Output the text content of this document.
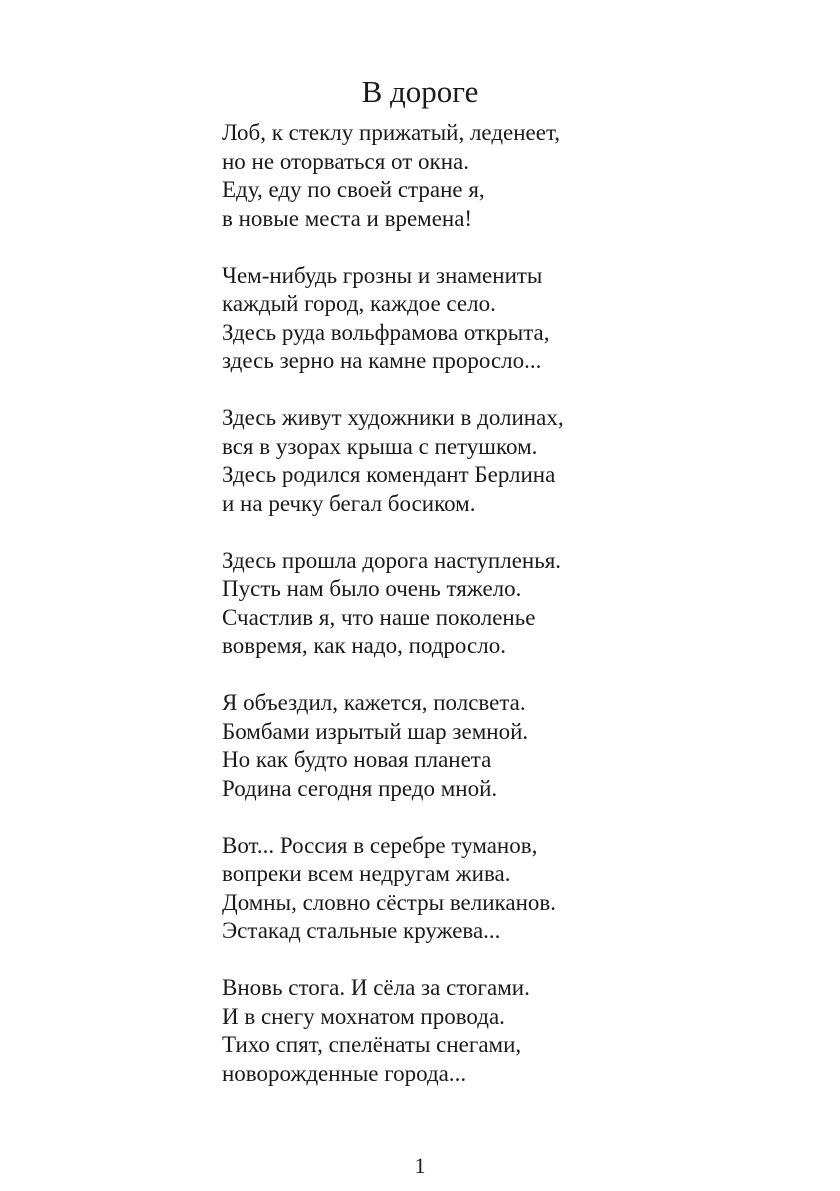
В дороге
Лоб, к стеклу прижатый, леденеет,
но не оторваться от окна.
Еду, еду по своей стране я,
в новые места и времена!
Чем-нибудь грозны и знамениты
каждый город, каждое село.
Здесь руда вольфрамова открыта,
здесь зерно на камне проросло...
Здесь живут художники в долинах,
вся в узорах крыша с петушком.
Здесь родился комендант Берлина
и на речку бегал босиком.
Здесь прошла дорога наступленья.
Пусть нам было очень тяжело.
Счастлив я, что наше поколенье
вовремя, как надо, подросло.
Я объездил, кажется, полсвета.
Бомбами изрытый шар земной.
Но как будто новая планета
Родина сегодня предо мной.
Вот... Россия в серебре туманов,
вопреки всем недругам жива.
Домны, словно сёстры великанов.
Эстакад стальные кружева...
Вновь стога. И сёла за стогами.
И в снегу мохнатом провода.
Тихо спят, спелёнаты снегами,
новорожденные города...
1
